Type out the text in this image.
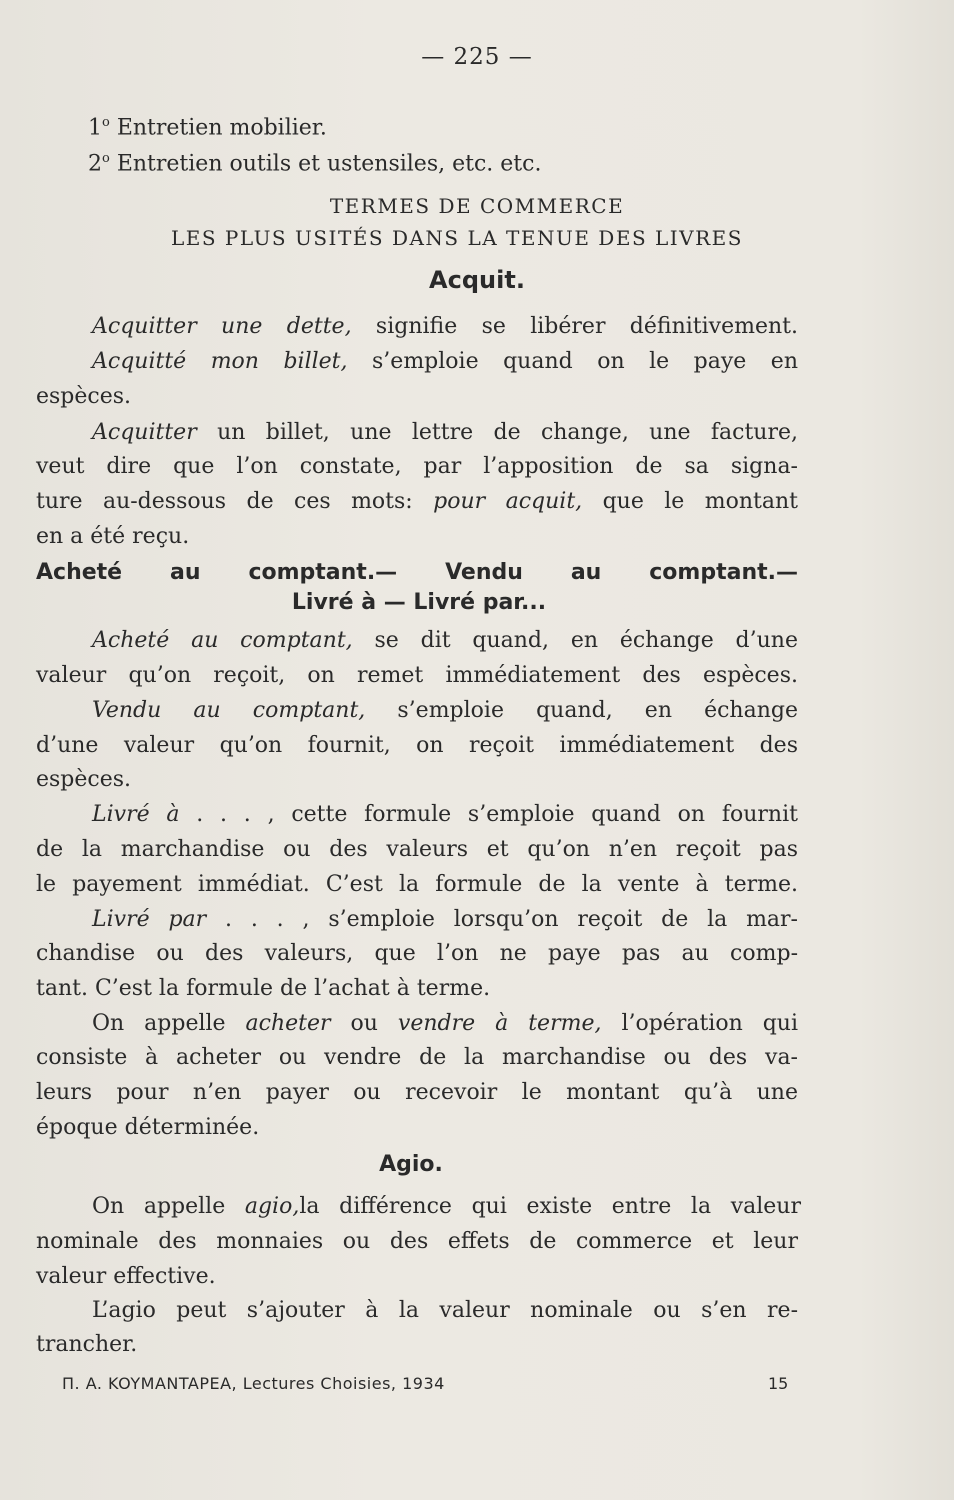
— 225 —
1$^o$ Entretien mobilier.
2$^o$ Entretien outils et ustensiles, etc. etc.
TERMES DE COMMERCE
LES PLUS USITÉS DANS LA TENUE DES LIVRES
Acquit.
Acquitter une dette, signifie se libérer définitivement.
Acquitté mon billet, s’emploie quand on le paye en
espèces.
Acquitter un billet, une lettre de change, une facture,
veut dire que l’on constate, par l’apposition de sa signa-
ture au-dessous de ces mots: pour acquit, que le montant
en a été reçu.
Acheté au comptant.— Vendu au comptant.—
Livré à — Livré par...
Acheté au comptant, se dit quand, en échange d’une
valeur qu’on reçoit, on remet immédiatement des espèces.
Vendu au comptant, s’emploie quand, en échange
d’une valeur qu’on fournit, on reçoit immédiatement des
espèces.
Livré à . . . , cette formule s’emploie quand on fournit
de la marchandise ou des valeurs et qu’on n’en reçoit pas
le payement immédiat. C’est la formule de la vente à terme.
Livré par . . . , s’emploie lorsqu’on reçoit de la mar-
chandise ou des valeurs, que l’on ne paye pas au comp-
tant. C’est la formule de l’achat à terme.
On appelle acheter ou vendre à terme, l’opération qui
consiste à acheter ou vendre de la marchandise ou des va-
leurs pour n’en payer ou recevoir le montant qu’à une
époque déterminée.
Agio.
On appelle agio,la différence qui existe entre la valeur
nominale des monnaies ou des effets de commerce et leur
valeur effective.
L’agio peut s’ajouter à la valeur nominale ou s’en re-
trancher.
Π. A. KOYMANTAPEA, Lectures Choisies, 1934	15
